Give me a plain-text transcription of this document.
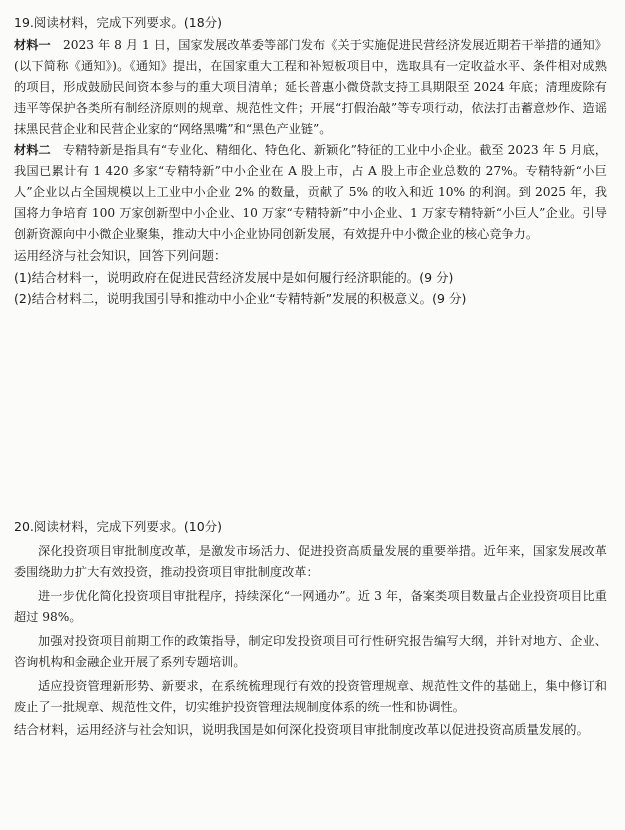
19.阅读材料，完成下列要求。(18分)
材料一　2023 年 8 月 1 日，国家发展改革委等部门发布《关于实施促进民营经济发展近期若干举措的通知》(以下简称《通知》)。《通知》提出，在国家重大工程和补短板项目中，选取具有一定收益水平、条件相对成熟的项目，形成鼓励民间资本参与的重大项目清单；延长普惠小微贷款支持工具期限至 2024 年底；清理废除有违平等保护各类所有制经济原则的规章、规范性文件；开展“打假治敲”等专项行动，依法打击蓄意炒作、造谣抹黑民营企业和民营企业家的“网络黑嘴”和“黑色产业链”。
材料二　专精特新是指具有“专业化、精细化、特色化、新颖化”特征的工业中小企业。截至 2023 年 5 月底，我国已累计有 1 420 多家“专精特新”中小企业在 A 股上市，占 A 股上市企业总数的 27%。专精特新“小巨人”企业以占全国规模以上工业中小企业 2% 的数量，贡献了 5% 的收入和近 10% 的利润。到 2025 年，我国将力争培育 100 万家创新型中小企业、10 万家“专精特新”中小企业、1 万家专精特新“小巨人”企业。引导创新资源向中小微企业聚集，推动大中小企业协同创新发展，有效提升中小微企业的核心竞争力。
运用经济与社会知识，回答下列问题：
(1)结合材料一，说明政府在促进民营经济发展中是如何履行经济职能的。(9 分)
(2)结合材料二，说明我国引导和推动中小企业“专精特新”发展的积极意义。(9 分)
20.阅读材料，完成下列要求。(10分)
深化投资项目审批制度改革，是激发市场活力、促进投资高质量发展的重要举措。近年来，国家发展改革委围绕助力扩大有效投资，推动投资项目审批制度改革：
进一步优化简化投资项目审批程序，持续深化“一网通办”。近 3 年，备案类项目数量占企业投资项目比重超过 98%。
加强对投资项目前期工作的政策指导，制定印发投资项目可行性研究报告编写大纲，并针对地方、企业、咨询机构和金融企业开展了系列专题培训。
适应投资管理新形势、新要求，在系统梳理现行有效的投资管理规章、规范性文件的基础上，集中修订和废止了一批规章、规范性文件，切实维护投资管理法规制度体系的统一性和协调性。
结合材料，运用经济与社会知识，说明我国是如何深化投资项目审批制度改革以促进投资高质量发展的。
